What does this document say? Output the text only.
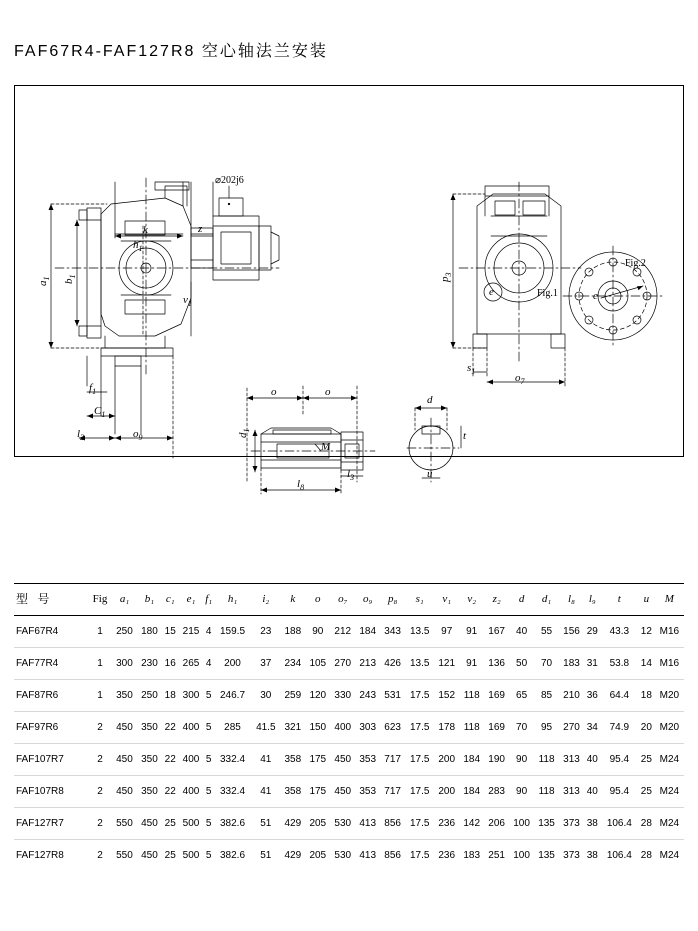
FAF67R4-FAF127R8 空心轴法兰安装
k	z
⌀202j6
$a_1$ $b_1$
$h_1$
$v_1$
$f_1$
$C_1$
$l_2$	$o_9$
o	o
$d_1$
M
$l_3$
$l_8$
d
t
u
$p_3$
e	e
$s_1$
$o_7$
Fig.1
Fig.2
型 号	Fig	a₁	b₁	c₁	e₁	f₁	h₁	i₂	k	o	o₇	o₉	p₈	s₁	v₁	v₂	z₂	d	d₁	l₈	l₉	t	u	M
FAF67R4	1	250	180	15	215	4	159.5	23	188	90	212	184	343	13.5	97	91	167	40	55	156	29	43.3	12	M16
FAF77R4	1	300	230	16	265	4	200	37	234	105	270	213	426	13.5	121	91	136	50	70	183	31	53.8	14	M16
FAF87R6	1	350	250	18	300	5	246.7	30	259	120	330	243	531	17.5	152	118	169	65	85	210	36	64.4	18	M20
FAF97R6	2	450	350	22	400	5	285	41.5	321	150	400	303	623	17.5	178	118	169	70	95	270	34	74.9	20	M20
FAF107R7	2	450	350	22	400	5	332.4	41	358	175	450	353	717	17.5	200	184	190	90	118	313	40	95.4	25	M24
FAF107R8	2	450	350	22	400	5	332.4	41	358	175	450	353	717	17.5	200	184	283	90	118	313	40	95.4	25	M24
FAF127R7	2	550	450	25	500	5	382.6	51	429	205	530	413	856	17.5	236	142	206	100	135	373	38	106.4	28	M24
FAF127R8	2	550	450	25	500	5	382.6	51	429	205	530	413	856	17.5	236	183	251	100	135	373	38	106.4	28	M24
